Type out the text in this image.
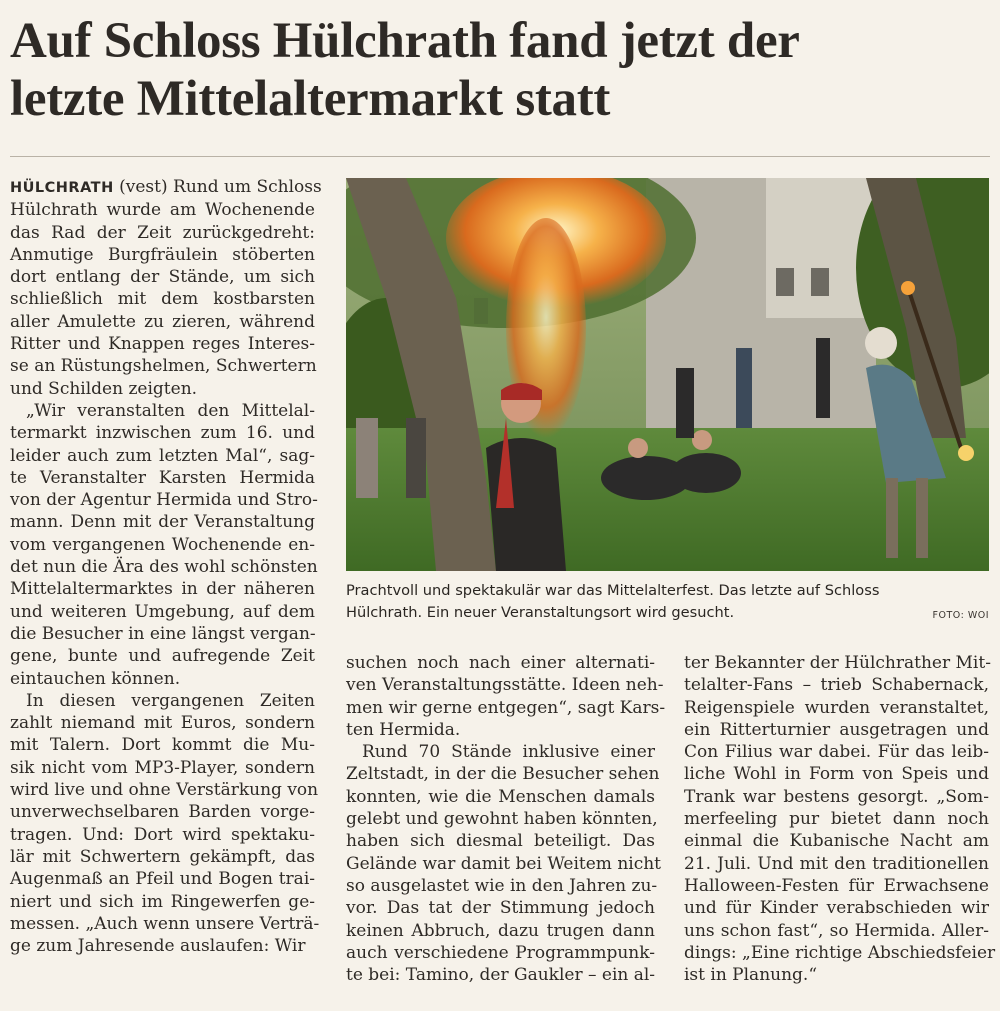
Auf Schloss Hülchrath fand jetzt der
letzte Mittelaltermarkt statt
HÜLCHRATH (vest) Rund um Schloss
Hülchrath wurde am Wochenende
das Rad der Zeit zurückgedreht:
Anmutige Burgfräulein stöberten
dort entlang der Stände, um sich
schließlich mit dem kostbarsten
aller Amulette zu zieren, während
Ritter und Knappen reges Interes-
se an Rüstungshelmen, Schwertern
und Schilden zeigten.
„Wir veranstalten den Mittelal-
termarkt inzwischen zum 16. und
leider auch zum letzten Mal“, sag-
te Veranstalter Karsten Hermida
von der Agentur Hermida und Stro-
mann. Denn mit der Veranstaltung
vom vergangenen Wochenende en-
det nun die Ära des wohl schönsten
Mittelaltermarktes in der näheren
und weiteren Umgebung, auf dem
die Besucher in eine längst vergan-
gene, bunte und aufregende Zeit
eintauchen können.
In diesen vergangenen Zeiten
zahlt niemand mit Euros, sondern
mit Talern. Dort kommt die Mu-
sik nicht vom MP3-Player, sondern
wird live und ohne Verstärkung von
unverwechselbaren Barden vorge-
tragen. Und: Dort wird spektaku-
lär mit Schwertern gekämpft, das
Augenmaß an Pfeil und Bogen trai-
niert und sich im Ringewerfen ge-
messen. „Auch wenn unsere Verträ-
ge zum Jahresende auslaufen: Wir
Prachtvoll und spektakulär war das Mittelalterfest. Das letzte auf Schloss
Hülchrath. Ein neuer Veranstaltungsort wird gesucht.	FOTO: WOI
suchen noch nach einer alternati-
ven Veranstaltungsstätte. Ideen neh-
men wir gerne entgegen“, sagt Kars-
ten Hermida.
Rund 70 Stände inklusive einer
Zeltstadt, in der die Besucher sehen
konnten, wie die Menschen damals
gelebt und gewohnt haben könnten,
haben sich diesmal beteiligt. Das
Gelände war damit bei Weitem nicht
so ausgelastet wie in den Jahren zu-
vor. Das tat der Stimmung jedoch
keinen Abbruch, dazu trugen dann
auch verschiedene Programmpunk-
te bei: Tamino, der Gaukler – ein al-
ter Bekannter der Hülchrather Mit-
telalter-Fans – trieb Schabernack,
Reigenspiele wurden veranstaltet,
ein Ritterturnier ausgetragen und
Con Filius war dabei. Für das leib-
liche Wohl in Form von Speis und
Trank war bestens gesorgt. „Som-
merfeeling pur bietet dann noch
einmal die Kubanische Nacht am
21. Juli. Und mit den traditionellen
Halloween-Festen für Erwachsene
und für Kinder verabschieden wir
uns schon fast“, so Hermida. Aller-
dings: „Eine richtige Abschiedsfeier
ist in Planung.“
